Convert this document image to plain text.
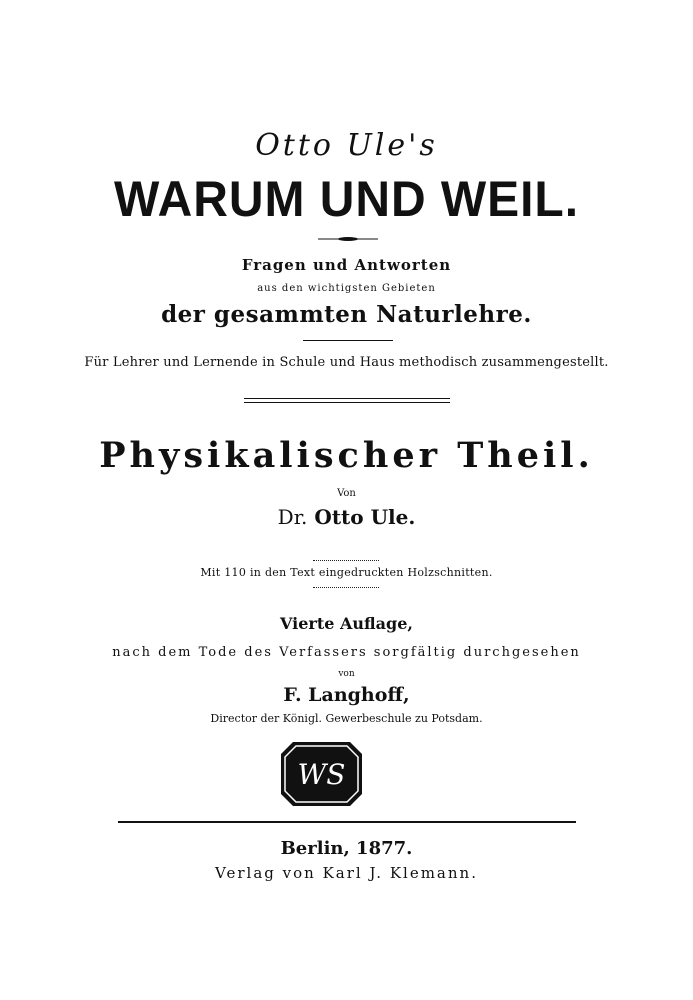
Otto Ule's
WARUM UND WEIL.
Fragen und Antworten
aus den wichtigsten Gebieten
der gesammten Naturlehre.
Für Lehrer und Lernende in Schule und Haus methodisch zusammengestellt.
Physikalischer Theil.
Von
Dr. Otto Ule.
Mit 110 in den Text eingedruckten Holzschnitten.
Vierte Auflage,
nach dem Tode des Verfassers sorgfältig durchgesehen
von
F. Langhoff,
Director der Königl. Gewerbeschule zu Potsdam.
WS
Berlin, 1877.
Verlag von Karl J. Klemann.
